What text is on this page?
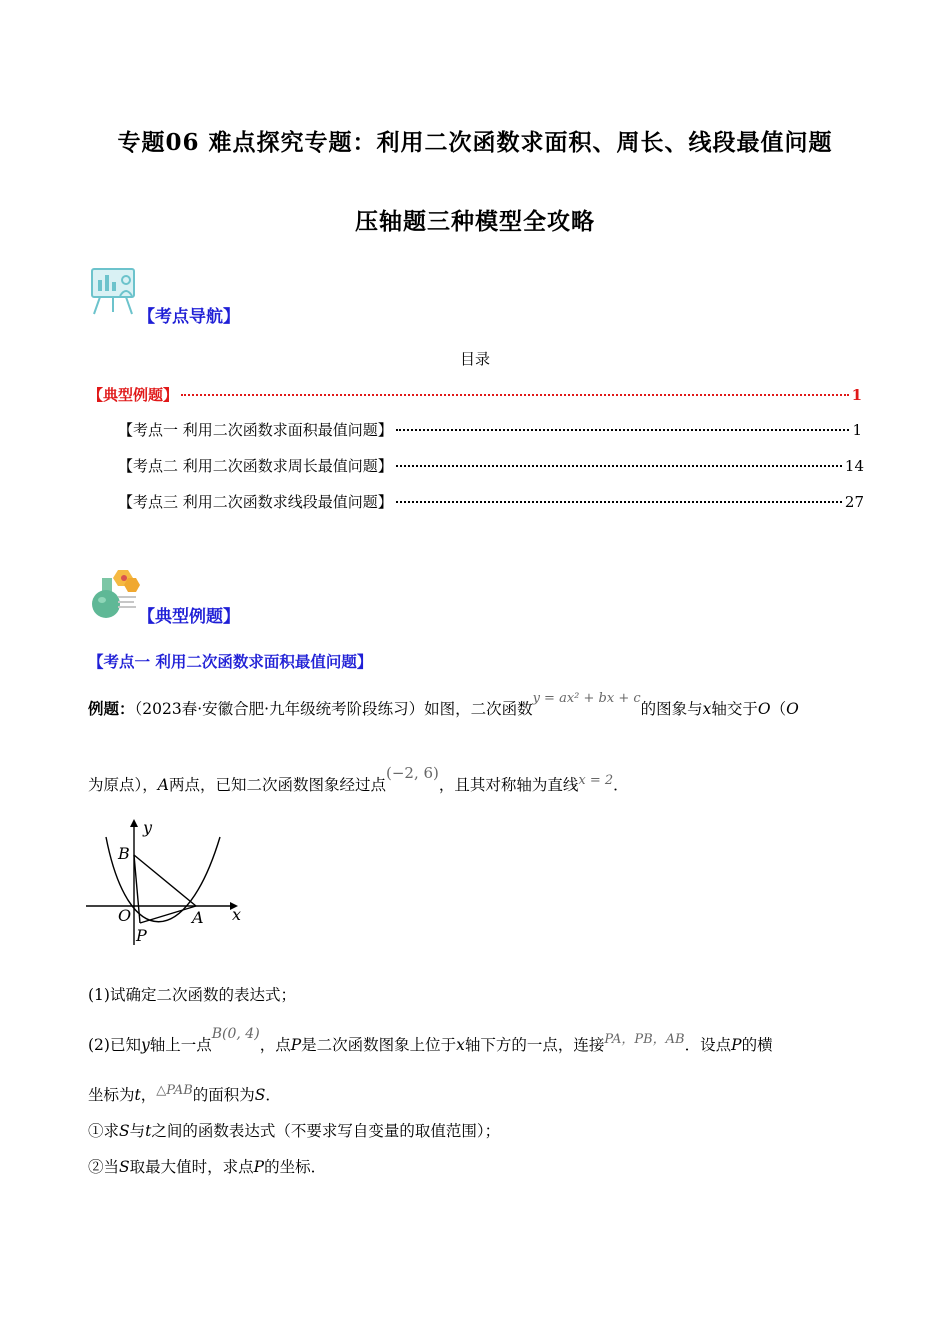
专题06 难点探究专题：利用二次函数求面积、周长、线段最值问题
压轴题三种模型全攻略
【考点导航】
目录
【典型例题】	1
【考点一 利用二次函数求面积最值问题】	1
【考点二 利用二次函数求周长最值问题】	14
【考点三 利用二次函数求线段最值问题】	27
【典型例题】
【考点一 利用二次函数求面积最值问题】
例题：（2023春·安徽合肥·九年级统考阶段练习）如图，二次函数$^{y = ax^2 + bx + c}$的图象与x轴交于O（O
为原点），A两点，已知二次函数图象经过点(−2, 6)，且其对称轴为直线$^{x = 2}$．
y
x
B
O	A
P
(1)试确定二次函数的表达式；
(2)已知y轴上一点B(0, 4)，点P是二次函数图象上位于x轴下方的一点，连接$^{PA,PB,AB}$．设点P的横
坐标为t，$^{\triangle PAB}$的面积为S．
①求S与t之间的函数表达式（不要求写自变量的取值范围）；
②当S取最大值时，求点P的坐标．
